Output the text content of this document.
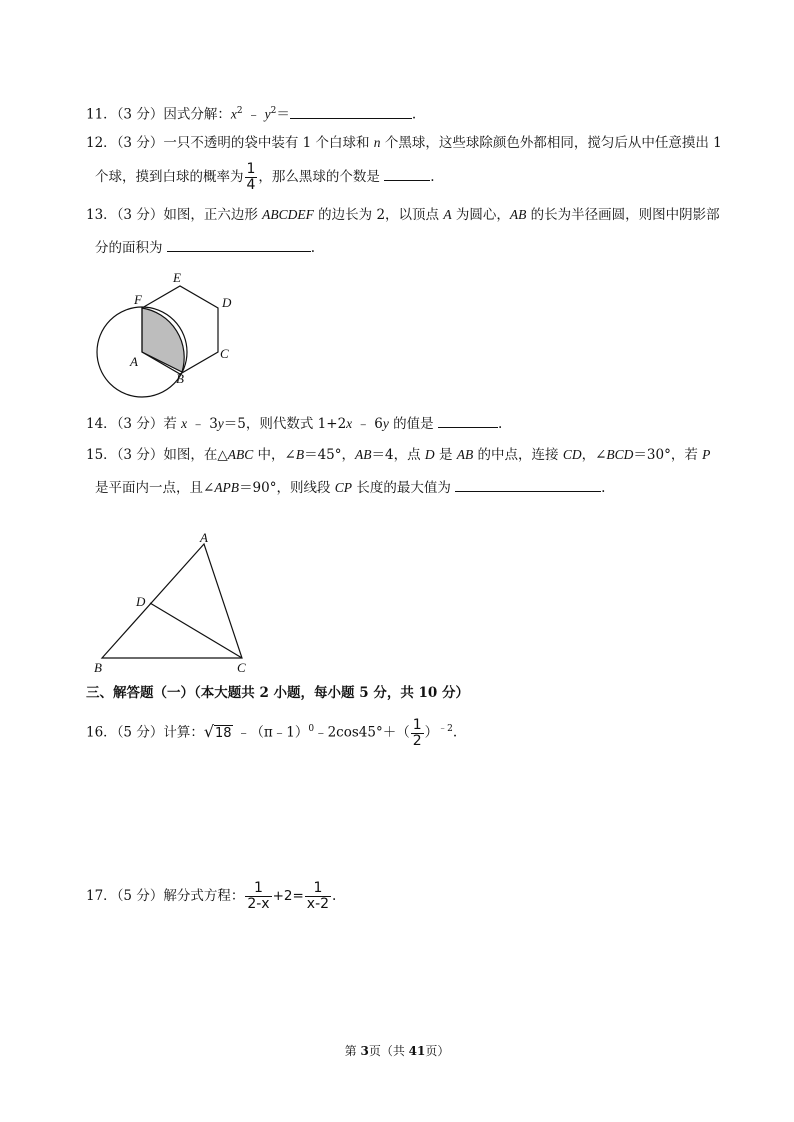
11．（3 分）因式分解：$x^2$ ﹣ $y^2=$	.
12．（3 分）一只不透明的袋中装有 1 个白球和 n 个黑球，这些球除颜色外都相同，搅匀后从中任意摸出 1
个球，摸到白球的概率为 $\frac{1}{4}$ ，那么黑球的个数是	.
13．（3 分）如图，正六边形 ABCDEF 的边长为 2，以顶点 A 为圆心，AB 的长为半径画圆，则图中阴影部
分的面积为	.
E
F	D
A
C
B
14．（3 分）若 x ﹣ 3y＝5，则代数式 1+2x ﹣ 6y 的值是	.
15．（3 分）如图，在△ABC 中，∠B＝45°，AB＝4，点 D 是 AB 的中点，连接 CD，∠BCD＝30°，若 P
是平面内一点，且∠APB＝90°，则线段 CP 长度的最大值为	.
A
D
B	C
三、解答题（一）（本大题共 2 小题，每小题 5 分，共 10 分）
16．（5 分）计算：√18 ﹣（π﹣1）$^0$﹣2cos45°＋（ $\frac{1}{2} )^{﹣2}$.
17．（5 分）解分式方程： $\frac{1}{2-x} +2= \frac{1}{x-2}$ .
第 3页（共 41页）
